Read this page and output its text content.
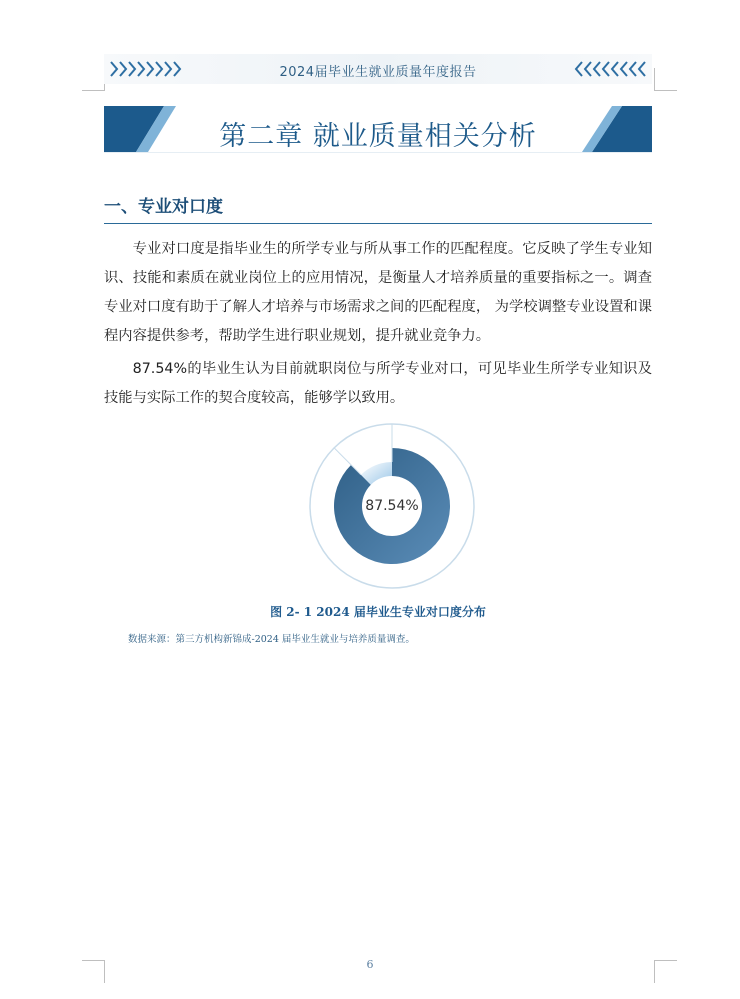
2024届毕业生就业质量年度报告
第二章 就业质量相关分析
一、专业对口度
专业对口度是指毕业生的所学专业与所从事工作的匹配程度。它反映了学生专业知识、技能和素质在就业岗位上的应用情况，是衡量人才培养质量的重要指标之一。调查专业对口度有助于了解人才培养与市场需求之间的匹配程度， 为学校调整专业设置和课程内容提供参考，帮助学生进行职业规划，提升就业竞争力。
87.54%的毕业生认为目前就职岗位与所学专业对口，可见毕业生所学专业知识及技能与实际工作的契合度较高，能够学以致用。
87.54%
图 2- 1 2024 届毕业生专业对口度分布
数据来源：第三方机构新锦成-2024 届毕业生就业与培养质量调查。
6
